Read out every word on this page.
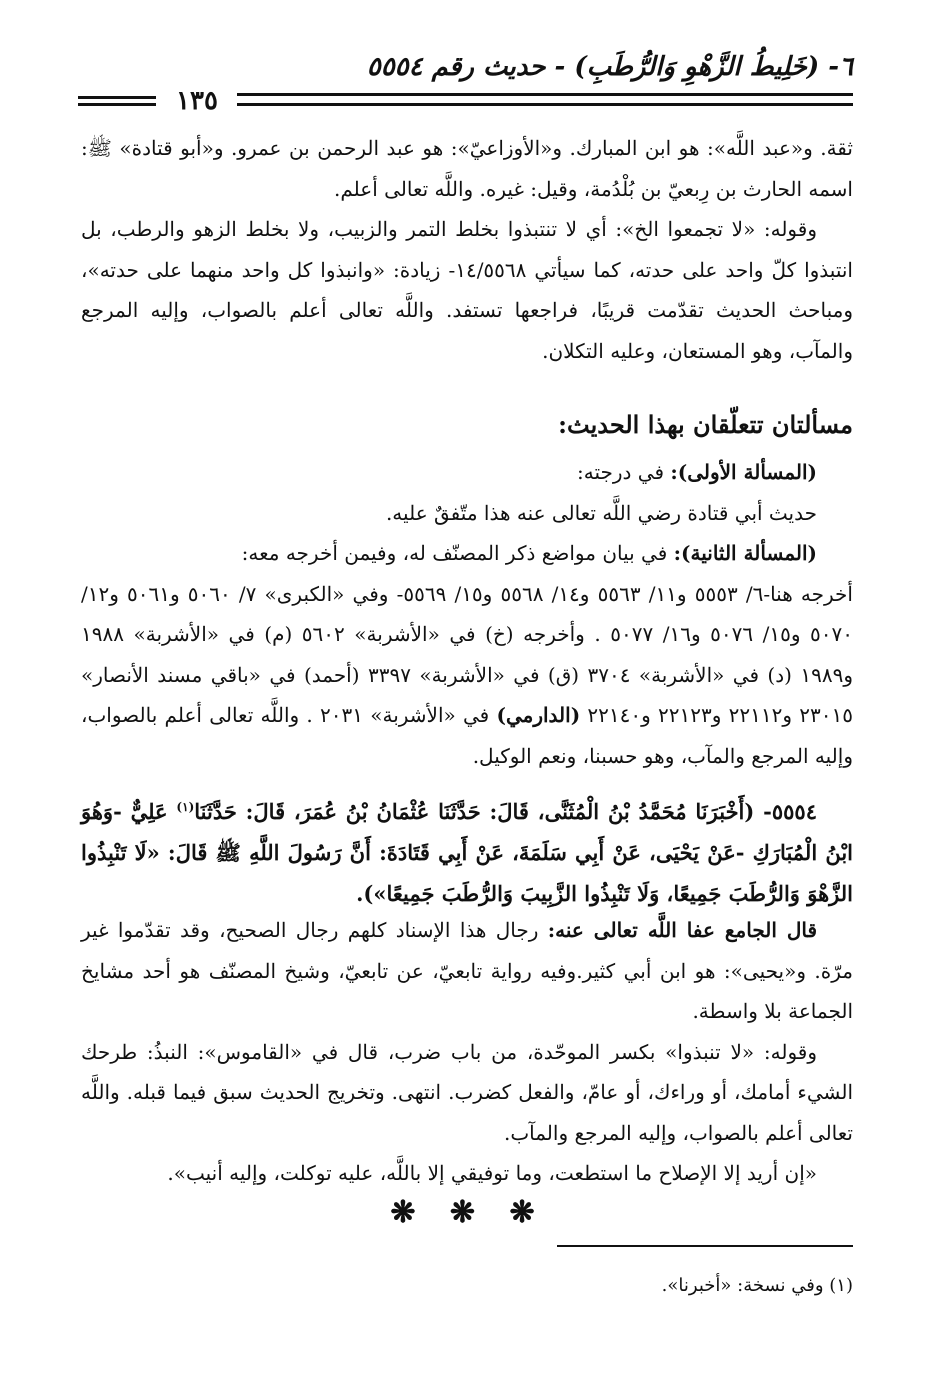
٦- (خَلِيطُ الزَّهْوِ وَالرُّطَبِ) - حديث رقم ٥٥٥٤
١٣٥

ثقة. و«عبد اللَّه»: هو ابن المبارك. و«الأوزاعيّ»: هو عبد الرحمن بن عمرو. و«أبو قتادة» ﷺ: اسمه الحارث بن رِبعيّ بن بُلْدُمة، وقيل: غيره. واللَّه تعالى أعلم.

وقوله: «لا تجمعوا الخ»: أي لا تنتبذوا بخلط التمر والزبيب، ولا بخلط الزهو والرطب، بل انتبذوا كلّ واحد على حدته، كما سيأتي ١٤/٥٥٦٨- زيادة: «وانبذوا كل واحد منهما على حدته»، ومباحث الحديث تقدّمت قريبًا، فراجعها تستفد. واللَّه تعالى أعلم بالصواب، وإليه المرجع والمآب، وهو المستعان، وعليه التكلان.

مسألتان تتعلّقان بهذا الحديث:

(المسألة الأولى): في درجته:

حديث أبي قتادة رضي اللَّه تعالى عنه هذا متّفقٌ عليه.

(المسألة الثانية): في بيان مواضع ذكر المصنّف له، وفيمن أخرجه معه:

أخرجه هنا-٦/ ٥٥٥٣ و١١/ ٥٥٦٣ و١٤/ ٥٥٦٨ و١٥/ ٥٥٦٩- وفي «الكبرى» ٧/ ٥٠٦٠ و٥٠٦١ و١٢/ ٥٠٧٠ و١٥/ ٥٠٧٦ و١٦/ ٥٠٧٧ . وأخرجه (خ) في «الأشربة» ٥٦٠٢ (م) في «الأشربة» ١٩٨٨ و١٩٨٩ (د) في «الأشربة» ٣٧٠٤ (ق) في «الأشربة» ٣٣٩٧ (أحمد) في «باقي مسند الأنصار» ٢٣٠١٥ و٢٢١١٢ و٢٢١٢٣ و٢٢١٤٠ (الدارمي) في «الأشربة» ٢٠٣١ . واللَّه تعالى أعلم بالصواب، وإليه المرجع والمآب، وهو حسبنا، ونعم الوكيل.

٥٥٥٤- (أَخْبَرَنَا مُحَمَّدُ بْنُ الْمُثَنَّى، قَالَ: حَدَّثَنَا عُثْمَانُ بْنُ عُمَرَ، قَالَ: حَدَّثَنَا$^{(١)}$ عَلِيٌّ -وَهُوَ ابْنُ الْمُبَارَكِ -عَنْ يَحْيَى، عَنْ أَبِي سَلَمَةَ، عَنْ أَبِي قَتَادَةَ: أَنَّ رَسُولَ اللَّهِ ﷺ قَالَ: «لَا تَنْبِذُوا الزَّهْوَ وَالرُّطَبَ جَمِيعًا، وَلَا تَنْبِذُوا الزَّبِيبَ وَالرُّطَبَ جَمِيعًا»).

قال الجامع عفا اللَّه تعالى عنه: رجال هذا الإسناد كلهم رجال الصحيح، وقد تقدّموا غير مرّة. و«يحيى»: هو ابن أبي كثير.وفيه رواية تابعيّ، عن تابعيّ، وشيخ المصنّف هو أحد مشايخ الجماعة بلا واسطة.

وقوله: «لا تنبذوا» بكسر الموحّدة، من باب ضرب، قال في «القاموس»: النبذُ: طرحك الشيء أمامك، أو وراءك، أو عامّ، والفعل كضرب. انتهى. وتخريج الحديث سبق فيما قبله. واللَّه تعالى أعلم بالصواب، وإليه المرجع والمآب.

«إن أريد إلا الإصلاح ما استطعت، وما توفيقي إلا باللَّه، عليه توكلت، وإليه أنيب».

❋ ❋ ❋
(١) وفي نسخة: «أخبرنا».
